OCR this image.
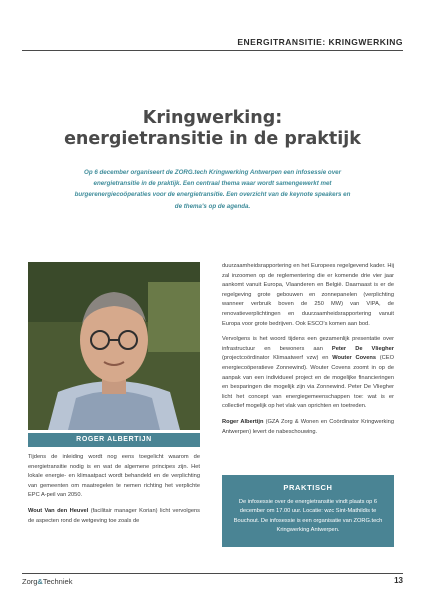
ENERGITRANSITIE: KRINGWERKING
Kringwerking:
energietransitie in de praktijk
Op 6 december organiseert de ZORG.tech Kringwerking Antwerpen een infosessie over energietransitie in de praktijk. Een centraal thema waar wordt samengewerkt met burgerenergiecoöperaties voor de energietransitie. Een overzicht van de keynote speakers en de thema's op de agenda.
ROGER ALBERTIJN

Tijdens de inleiding wordt nog eens toegelicht waarom de energietransitie nodig is en wat de algemene principes zijn. Het lokale energie- en klimaatpact wordt behandeld en de verplichting van gemeenten om maatregelen te nemen richting het verplichte EPC A-peil van 2050.

Wout Van den Heuvel (facilitair manager Korian) licht vervolgens de aspecten rond de wetgeving toe zoals de

duurzaamheidsrapportering en het Europees regelgevend kader. Hij zal inzoomen op de reglementering die er komende drie vier jaar aankomt vanuit Europa, Vlaanderen en België. Daarnaast is er de regelgeving grote gebouwen en zonnepanelen (verplichting wanneer verbruik boven de 250 MW) van VIPA, de renovatieverplichtingen en duurzaamheidsrapportering vanuit Europa voor grote bedrijven. Ook ESCO's komen aan bod.

Vervolgens is het woord tijdens een gezamenlijk presentatie over infrastructuur en bewoners aan Peter De Vliegher (projectcoördinator Klimaatwerf vzw) en Wouter Covens (CEO energiecoöperatieve Zonnewind). Wouter Covens zoomt in op de aanpak van een individueel project en de mogelijke financieringen en besparingen die mogelijk zijn via Zonnewind. Peter De Vliegher licht het concept van energiegemeenschappen toe: wat is er collectief mogelijk op het vlak van oprichten en toetreden.

Roger Albertijn (GZA Zorg & Wonen en Coördinator Kringwerking Antwerpen) levert de nabeschouwing.

PRAKTISCH
De infosessie over de energietransitie vindt plaats op 6 december om 17.00 uur. Locatie: wzc Sint-Mathildis te Bouchout. De infosessie is een organisatie van ZORG.tech Kringwerking Antwerpen.
Zorg&Techniek	13
